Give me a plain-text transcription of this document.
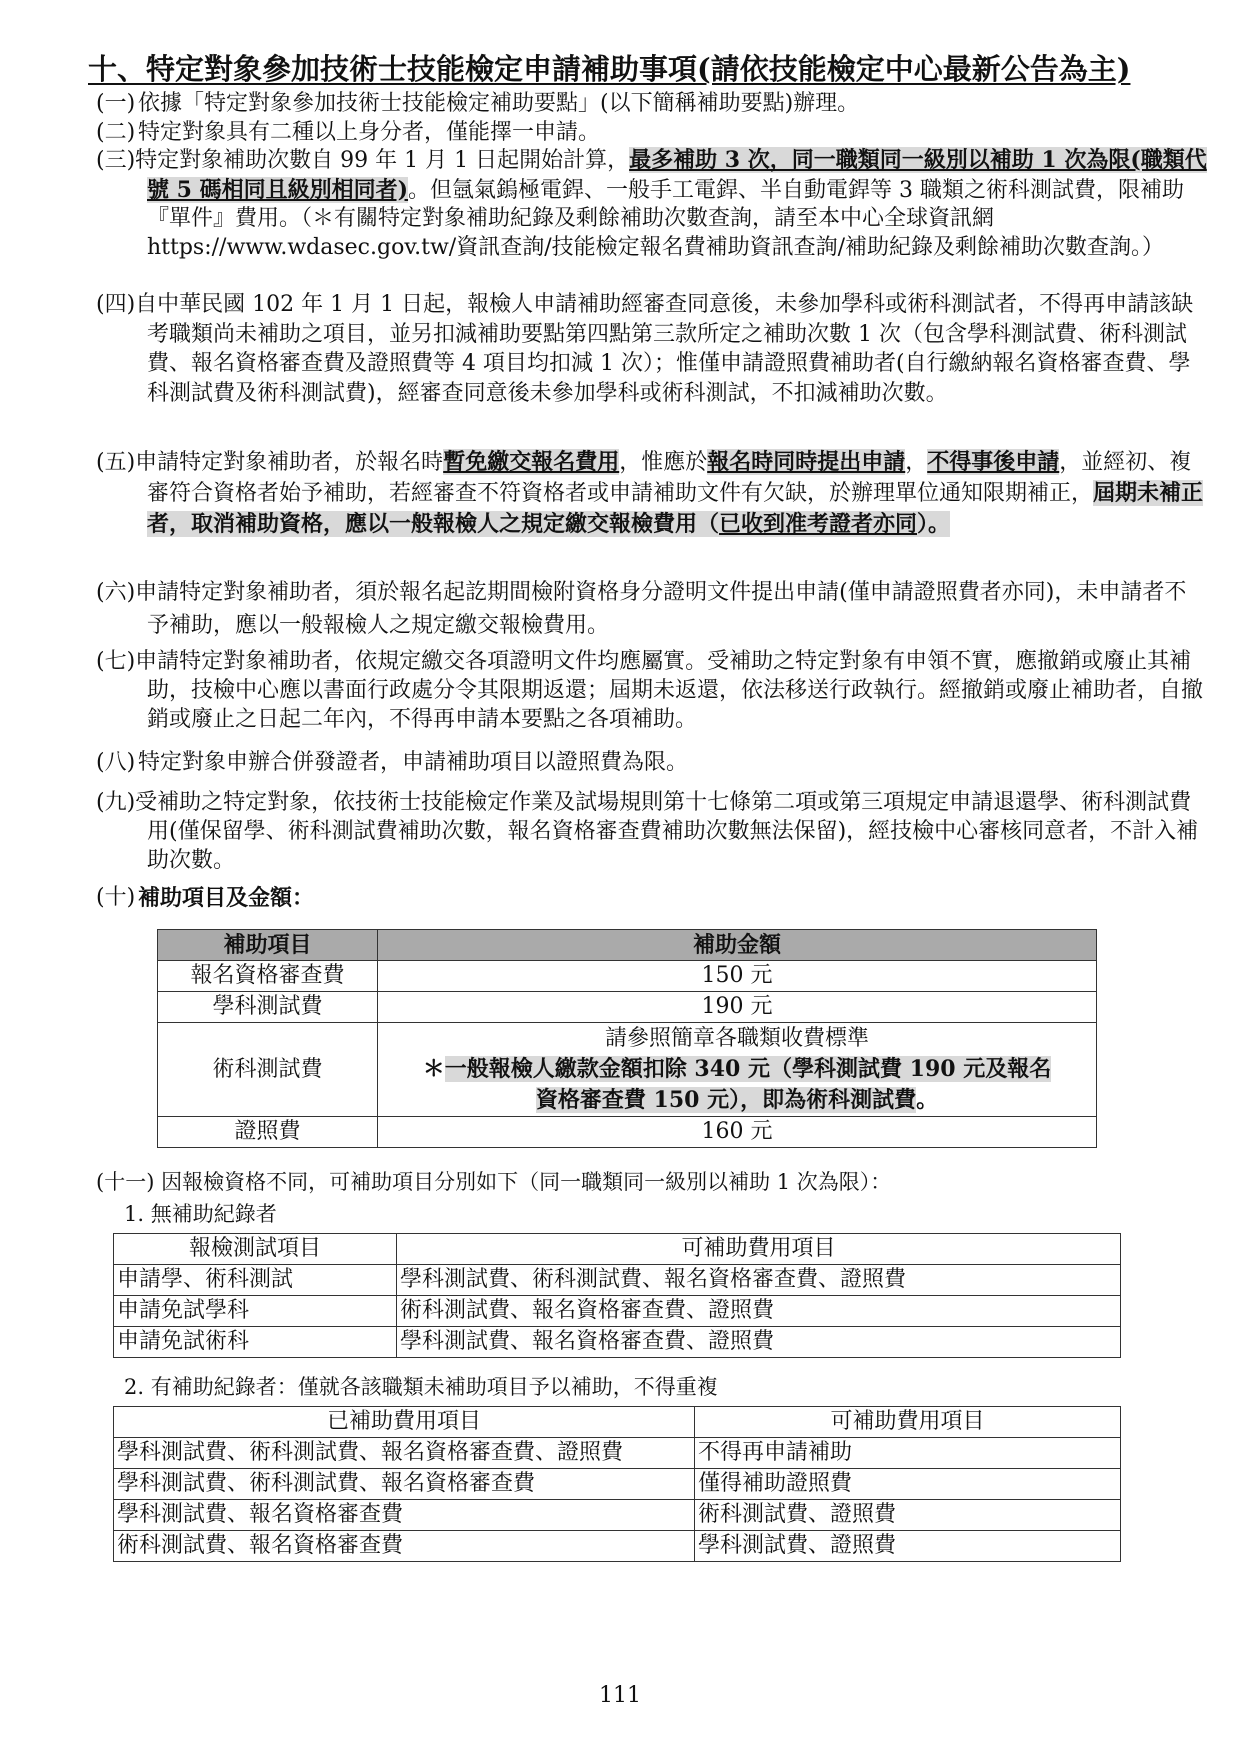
十、特定對象參加技術士技能檢定申請補助事項(請依技能檢定中心最新公告為主)
(一) 依據「特定對象參加技術士技能檢定補助要點」(以下簡稱補助要點)辦理。
(二) 特定對象具有二種以上身分者，僅能擇一申請。
(三)特定對象補助次數自 99 年 1 月 1 日起開始計算，最多補助 3 次，同一職類同一級別以補助 1 次為限(職類代號 5 碼相同且級別相同者)。但氬氣鎢極電銲、一般手工電銲、半自動電銲等 3 職類之術科測試費，限補助『單件』費用。（＊有關特定對象補助紀錄及剩餘補助次數查詢，請至本中心全球資訊網 https://www.wdasec.gov.tw/資訊查詢/技能檢定報名費補助資訊查詢/補助紀錄及剩餘補助次數查詢。）
(四)自中華民國 102 年 1 月 1 日起，報檢人申請補助經審查同意後，未參加學科或術科測試者，不得再申請該缺考職類尚未補助之項目，並另扣減補助要點第四點第三款所定之補助次數 1 次（包含學科測試費、術科測試費、報名資格審查費及證照費等 4 項目均扣減 1 次）；惟僅申請證照費補助者(自行繳納報名資格審查費、學科測試費及術科測試費)，經審查同意後未參加學科或術科測試，不扣減補助次數。
(五)申請特定對象補助者，於報名時暫免繳交報名費用，惟應於報名時同時提出申請，不得事後申請，並經初、複審符合資格者始予補助，若經審查不符資格者或申請補助文件有欠缺，於辦理單位通知限期補正，屆期未補正者，取消補助資格，應以一般報檢人之規定繳交報檢費用（已收到准考證者亦同）。
(六)申請特定對象補助者，須於報名起訖期間檢附資格身分證明文件提出申請(僅申請證照費者亦同)，未申請者不予補助，應以一般報檢人之規定繳交報檢費用。
(七)申請特定對象補助者，依規定繳交各項證明文件均應屬實。受補助之特定對象有申領不實，應撤銷或廢止其補助，技檢中心應以書面行政處分令其限期返還；屆期未返還，依法移送行政執行。經撤銷或廢止補助者，自撤銷或廢止之日起二年內，不得再申請本要點之各項補助。
(八) 特定對象申辦合併發證者，申請補助項目以證照費為限。
(九)受補助之特定對象，依技術士技能檢定作業及試場規則第十七條第二項或第三項規定申請退還學、術科測試費用(僅保留學、術科測試費補助次數，報名資格審查費補助次數無法保留)，經技檢中心審核同意者，不計入補助次數。
(十) 補助項目及金額：
補助項目	補助金額
報名資格審查費	150 元
學科測試費	190 元
術科測試費	請參照簡章各職類收費標準
＊一般報檢人繳款金額扣除 340 元（學科測試費 190 元及報名
資格審查費 150 元），即為術科測試費。

證照費	160 元
(十一) 因報檢資格不同，可補助項目分別如下（同一職類同一級別以補助 1 次為限）：
1. 無補助紀錄者
報檢測試項目	可補助費用項目
申請學、術科測試	學科測試費、術科測試費、報名資格審查費、證照費
申請免試學科	術科測試費、報名資格審查費、證照費
申請免試術科	學科測試費、報名資格審查費、證照費
2. 有補助紀錄者：僅就各該職類未補助項目予以補助，不得重複
已補助費用項目	可補助費用項目
學科測試費、術科測試費、報名資格審查費、證照費	不得再申請補助
學科測試費、術科測試費、報名資格審查費	僅得補助證照費
學科測試費、報名資格審查費	術科測試費、證照費
術科測試費、報名資格審查費	學科測試費、證照費
111
